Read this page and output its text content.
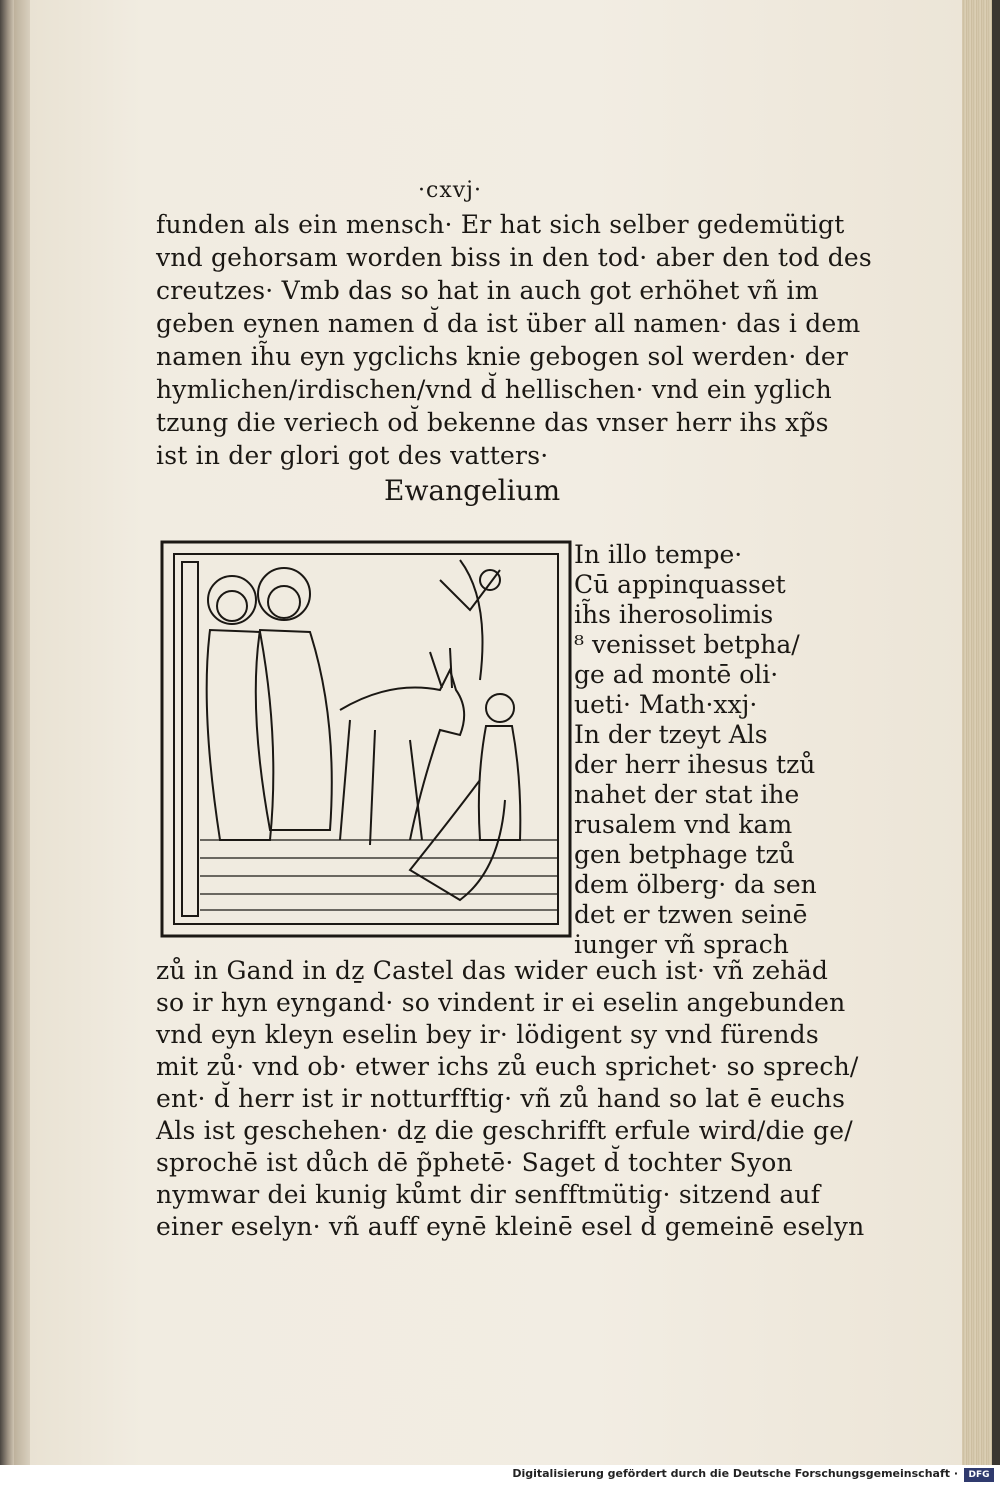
·cxvj·
funden als ein mensch· Er hat sich selber gedemütigt
vnd gehorsam worden biss in den tod· aber den tod des
creutzes· Vmb das so hat in auch got erhöhet vñ im
geben eynen namen d̆ da ist über all namen· das i dem
namen ih̃u eyn ygclichs knie gebogen sol werden· der
hymlichen/irdischen/vnd d̆ hellischen· vnd ein yglich
tzung die veriech od̆ bekenne das vnser herr ihs xp̃s
ist in der glori got des vatters·
Ewangelium
In illo tempe·
Cū appinquasset
ih̃s iherosolimis
⁸ venisset betpha/
ge ad montē oli·
ueti· Math·xxj·
In der tzeyt Als
der herr ihesus tzů
nahet der stat ihe
rusalem vnd kam
gen betphage tzů
dem ölberg· da sen
det er tzwen seinē
iunger vñ sprach
zů in Gand in dẕ Castel das wider euch ist· vñ zehäd
so ir hyn eyngand· so vindent ir ei eselin angebunden
vnd eyn kleyn eselin bey ir· lödigent sy vnd fürends
mit zů· vnd ob· etwer ichs zů euch sprichet· so sprech/
ent· d̆ herr ist ir notturfftig· vñ zů hand so lat ē euchs
Als ist geschehen· dẕ die geschrifft erfule wird/die ge/
sprochē ist důch dē p̃phetē· Saget d̆ tochter Syon
nymwar dei kunig kůmt dir senfftmütig· sitzend auf
einer eselyn· vñ auff eynē kleinē esel d̆ gemeinē eselyn
Digitalisierung gefördert durch die Deutsche Forschungsgemeinschaft ·	DFG
